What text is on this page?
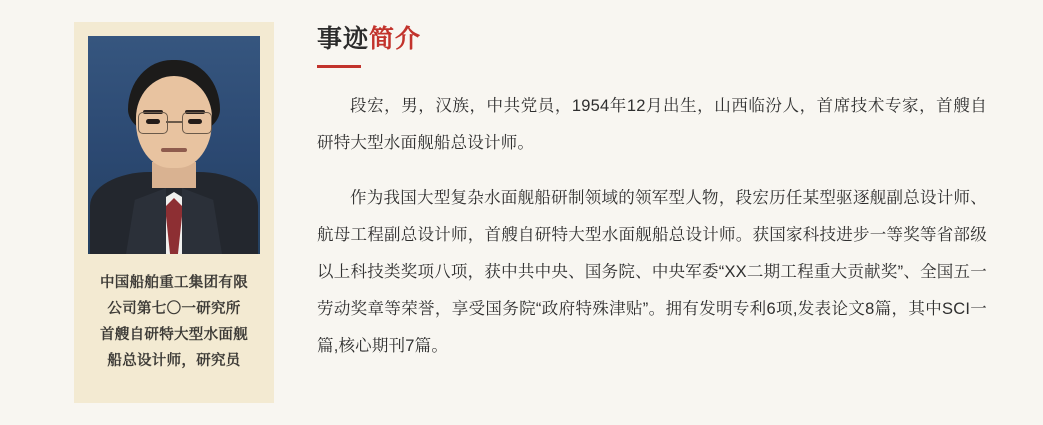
中国船舶重工集团有限
公司第七〇一研究所
首艘自研特大型水面舰
船总设计师，研究员
事迹简介

段宏，男，汉族，中共党员，1954年12月出生，山西临汾人，首席技术专家，首艘自研特大型水面舰船总设计师。

作为我国大型复杂水面舰船研制领域的领军型人物，段宏历任某型驱逐舰副总设计师、航母工程副总设计师，首艘自研特大型水面舰船总设计师。获国家科技进步一等奖等省部级以上科技类奖项八项，获中共中央、国务院、中央军委“XX二期工程重大贡献奖”、全国五一劳动奖章等荣誉，享受国务院“政府特殊津贴”。拥有发明专利6项,发表论文8篇，其中SCI一篇,核心期刊7篇。
